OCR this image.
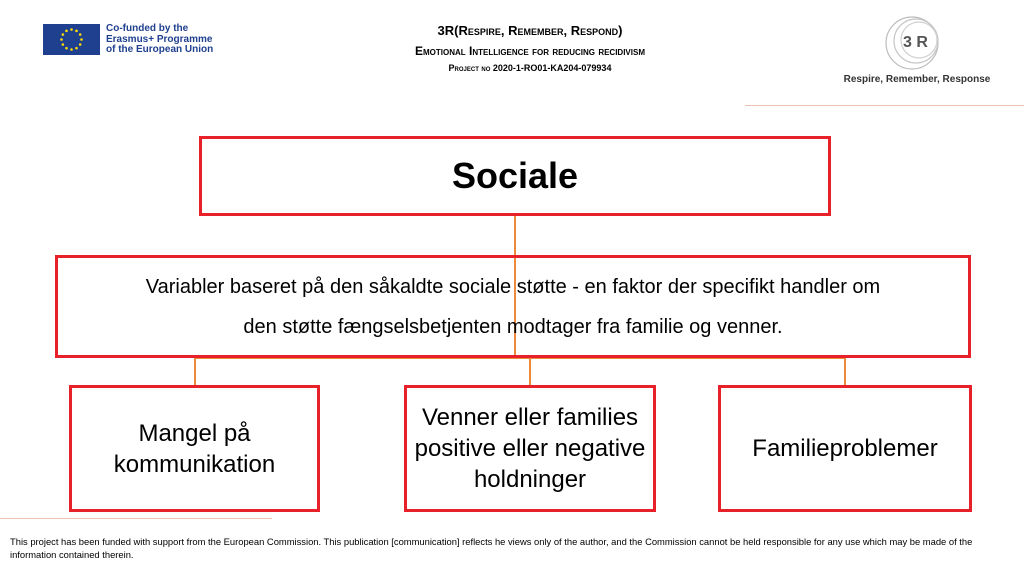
Co-funded by the
Erasmus+ Programme
of the European Union
3R(Respire, Remember, Respond)
Emotional Intelligence for reducing recidivism
Project no 2020-1-RO01-KA204-079934
3 R
Respire, Remember, Response
Sociale
Variabler baseret på den såkaldte sociale støtte - en faktor der specifikt handler om
den støtte fængselsbetjenten modtager fra familie og venner.
Mangel på kommunikation
Venner eller families positive eller negative holdninger
Familieproblemer
This project has been funded with support from the European Commission. This publication [communication] reflects he views only of the author, and the Commission cannot be held responsible for any use which may be made of the information contained therein.
